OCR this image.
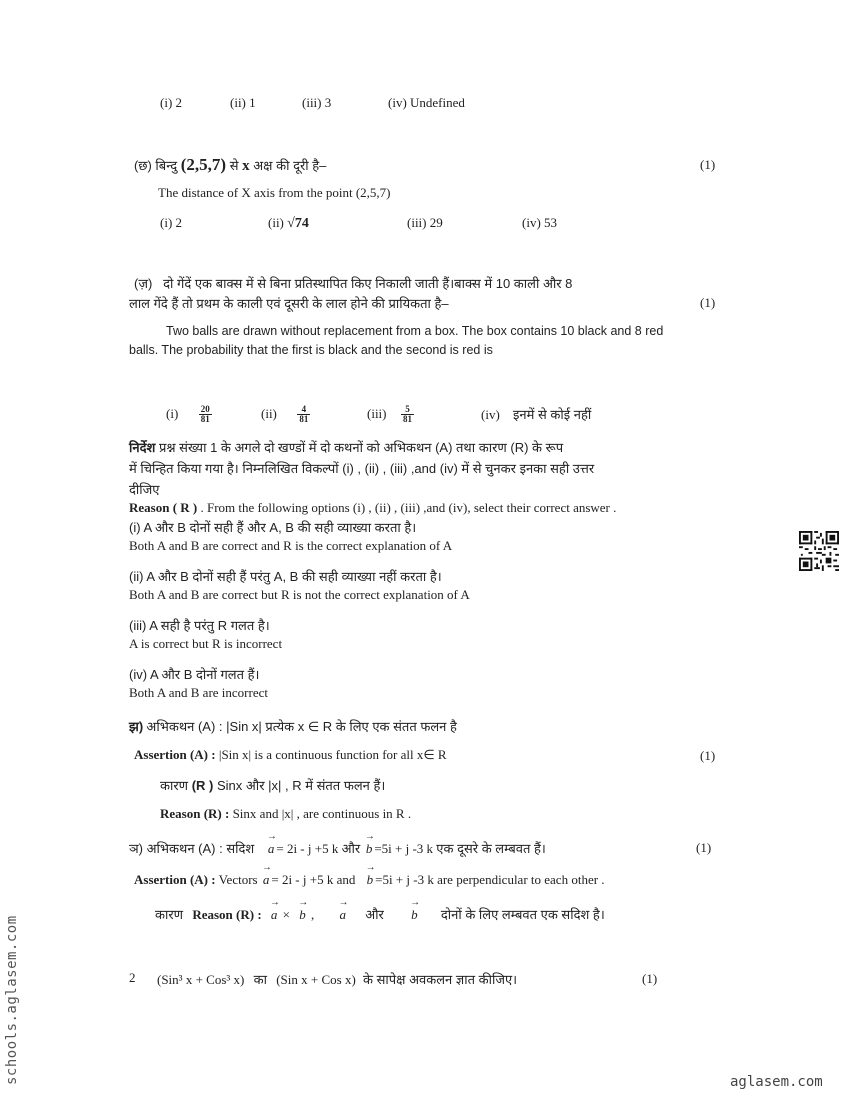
(i) 2	(ii) 1	(iii) 3	(iv) Undefined
(छ) बिन्दु (2,5,7) से x अक्ष की दूरी है–	(1)
The distance of X axis from the point (2,5,7)
(i) 2	(ii) √74	(iii) 29	(iv) 53
(ज़) दो गेंदें एक बाक्स में से बिना प्रतिस्थापित किए निकाली जाती हैं।बाक्स में 10 काली और 8
लाल गेंदे हैं तो प्रथम के काली एवं दूसरी के लाल होने की प्रायिकता है–	(1)
Two balls are drawn without replacement from a box. The box contains 10 black and 8 red
balls. The probability that the first is black and the second is red is
$(i) \frac{20}{81}$	$(ii) \frac{4}{81}$	$(iii) \frac{5}{81}$	(iv) इनमें से कोई नहीं
निर्देश प्रश्न संख्या 1 के अगले दो खण्डों में दो कथनों को अभिकथन (A) तथा कारण (R) के रूप
में चिन्हित किया गया है। निम्नलिखित विकल्पों (i) , (ii) , (iii) ,and (iv) में से चुनकर इनका सही उत्तर
दीजिए
Reason ( R ) . From the following options (i) , (ii) , (iii) ,and (iv), select their correct answer .
(i) A और B दोनों सही हैं और A, B की सही व्याख्या करता है।
Both A and B are correct and R is the correct explanation of A
(ii) A और B दोनों सही हैं परंतु A, B की सही व्याख्या नहीं करता है।
Both A and B are correct but R is not the correct explanation of A
(iii) A सही है परंतु R गलत है।
A is correct but R is incorrect
(iv) A और B दोनों गलत हैं।
Both A and B are incorrect
झ) अभिकथन (A) : |Sin x| प्रत्येक x ∈ R के लिए एक संतत फलन है
Assertion (A) : |Sin x| is a continuous function for all x∈ R	(1)
कारण (R ) Sinx और |x| , R में संतत फलन हैं।
Reason (R) : Sinx and |x| , are continuous in R .
ञ) अभिकथन (A) : सदिश → a = 2i - j +5 k और → b =5i + j -3 k एक दूसरे के लम्बवत हैं।	(1)
Assertion (A) : Vectors → a = 2i - j +5 k and → b =5i + j -3 k are perpendicular to each other .
कारण Reason (R) : → a × → b , → a और → b दोनों के लिए लम्बवत एक सदिश है।
2 (Sin³ x + Cos³ x) का (Sin x + Cos x) के सापेक्ष अवकलन ज्ञात कीजिए।	(1)
schools.aglasem.com	aglasem.com
